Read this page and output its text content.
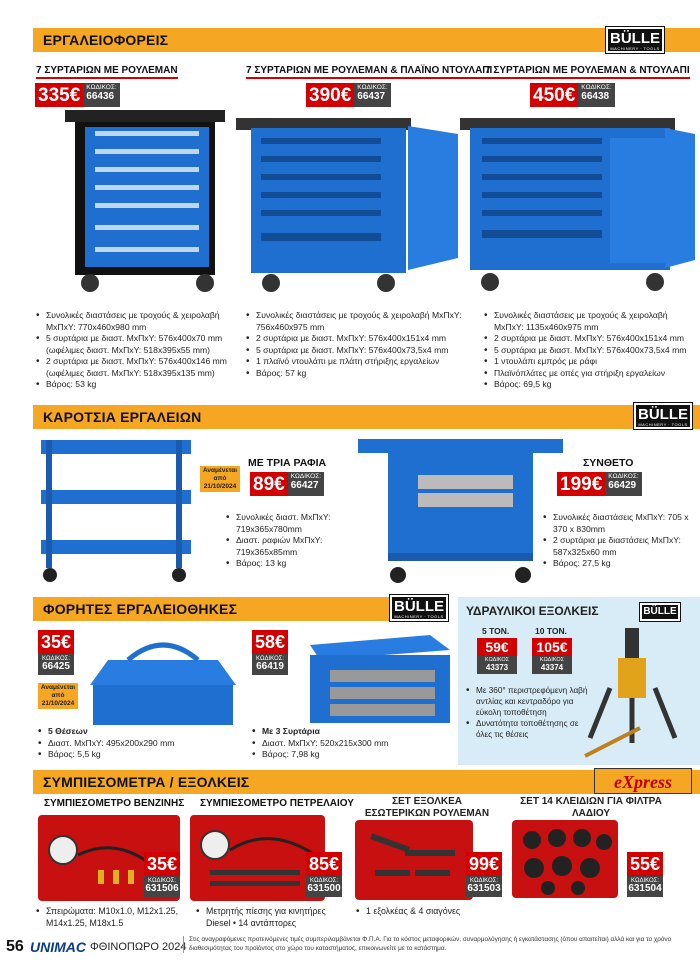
ΕΡΓΑΛΕΙΟΦΟΡΕΙΣ	BÜLLE
MACHINERY · TOOLS
7 ΣΥΡΤΑΡΙΩΝ ΜΕ ΡΟΥΛΕΜΑΝ	7 ΣΥΡΤΑΡΙΩΝ ΜΕ ΡΟΥΛΕΜΑΝ & ΠΛΑΪΝΟ ΝΤΟΥΛΑΠΙ
7 ΣΥΡΤΑΡΙΩΝ ΜΕ ΡΟΥΛΕΜΑΝ & ΝΤΟΥΛΑΠΙ
335€ ΚΩΔΙΚΟΣ:
66436	390€ ΚΩΔΙΚΟΣ:
66437	450€ ΚΩΔΙΚΟΣ:
66438
• Συνολικές διαστάσεις με τροχούς & χειρολαβή ΜxΠxΥ: 770x460x980 mm
• 5 συρτάρια με διαστ. ΜxΠxΥ: 576x400x70 mm (ωφέλιμες διαστ. ΜxΠxΥ: 518x395x55 mm)
• 2 συρτάρια με διαστ. ΜxΠxΥ: 576x400x146 mm (ωφέλιμες διαστ. ΜxΠxΥ: 518x395x135 mm)
• Βάρος: 53 kg
• Συνολικές διαστάσεις με τροχούς & χειρολαβή ΜxΠxΥ: 756x460x975 mm
• 2 συρτάρια με διαστ. ΜxΠxΥ: 576x400x151x4 mm
• 5 συρτάρια με διαστ. ΜxΠxΥ: 576x400x73,5x4 mm
• 1 πλαϊνό ντουλάπι με πλάτη στήριξης εργαλείων
• Βάρος: 57 kg
• Συνολικές διαστάσεις με τροχούς & χειρολαβή ΜxΠxΥ: 1135x460x975 mm
• 2 συρτάρια με διαστ. ΜxΠxΥ: 576x400x151x4 mm
• 5 συρτάρια με διαστ. ΜxΠxΥ: 576x400x73,5x4 mm
• 1 ντουλάπι εμπρός με ράφι
• Πλαϊνόπλάτες με οπές για στήριξη εργαλείων
• Βάρος: 69,5 kg
ΚΑΡΟΤΣΙΑ ΕΡΓΑΛΕΙΩΝ	BÜLLE
MACHINERY · TOOLS
ΜΕ ΤΡΙΑ ΡΑΦΙΑ
Αναμένεται από 21/10/2024 89€ ΚΩΔΙΚΟΣ:
66427
• Συνολικές διαστ. ΜxΠxΥ: 719x365x780mm
• Διαστ. ραφιών ΜxΠxΥ: 719x365x85mm
• Βάρος: 13 kg
ΣΥΝΘΕΤΟ
199€ ΚΩΔΙΚΟΣ:
66429
• Συνολικές διαστάσεις ΜxΠxΥ: 705 x 370 x 830mm
• 2 συρτάρια με διαστάσεις ΜxΠxΥ: 587x325x60 mm
• Βάρος: 27,5 kg
ΦΟΡΗΤΕΣ ΕΡΓΑΛΕΙΟΘΗΚΕΣ	BÜLLE
MACHINERY · TOOLS
35€
ΚΩΔΙΚΟΣ:
66425
Αναμένεται από 21/10/2024
• 5 Θέσεων
• Διαστ. ΜxΠxΥ: 495x200x290 mm
• Βάρος: 5,5 kg
58€
ΚΩΔΙΚΟΣ:
66419
• Με 3 Συρτάρια
• Διαστ. ΜxΠxΥ: 520x215x300 mm
• Βάρος: 7,98 kg
ΥΔΡΑΥΛΙΚΟΙ ΕΞΟΛΚΕΙΣ	BÜLLE
5 ΤΟΝ.	10 ΤΟΝ.
59€
ΚΩΔΙΚΟΣ
43373
105€
ΚΩΔΙΚΟΣ
43374
• Με 360° περιστρεφόμενη λαβή αντλίας και κεντραδόρο για εύκολη τοποθέτηση
• Δυνατότητα τοποθέτησης σε όλες τις θέσεις
ΣΥΜΠΙΕΣΟΜΕΤΡΑ / ΕΞΟΛΚΕΙΣ	eXpress
ΣΥΜΠΙΕΣΟΜΕΤΡΟ ΒΕΝΖΙΝΗΣ ΣΥΜΠΙΕΣΟΜΕΤΡΟ ΠΕΤΡΕΛΑΙΟΥ	ΣΕΤ ΕΞΟΛΚΕΑ ΕΣΩΤΕΡΙΚΩΝ ΡΟΥΛΕΜΑΝ
ΣΕΤ 14 ΚΛΕΙΔΙΩΝ ΓΙΑ ΦΙΛΤΡΑ ΛΑΔΙΟΥ
35€
ΚΩΔΙΚΟΣ:
631506
85€
ΚΩΔΙΚΟΣ:
631500
99€
ΚΩΔΙΚΟΣ:
631503
55€
ΚΩΔΙΚΟΣ:
631504
• Σπειρώματα: M10x1.0, M12x1.25, M14x1.25, M18x1.5
• Μετρητής πίεσης για κινητήρες Diesel • 14 αντάπτορες
• 1 εξολκέας & 4 σιαγόνες
56 UNIMAC ΦΘΙΝΟΠΩΡΟ 2024
Στις αναγραφόμενες προτεινόμενες τιμές συμπεριλαμβάνεται Φ.Π.Α. Για το κόστος μεταφορικών, συναρμολόγησης ή εγκατάστασης (όπου απαιτείται) αλλά και για το χρόνο διαθεσιμότητας του προϊόντος στο χώρο του καταστήματος, επικοινωνείτε με το κατάστημα.
